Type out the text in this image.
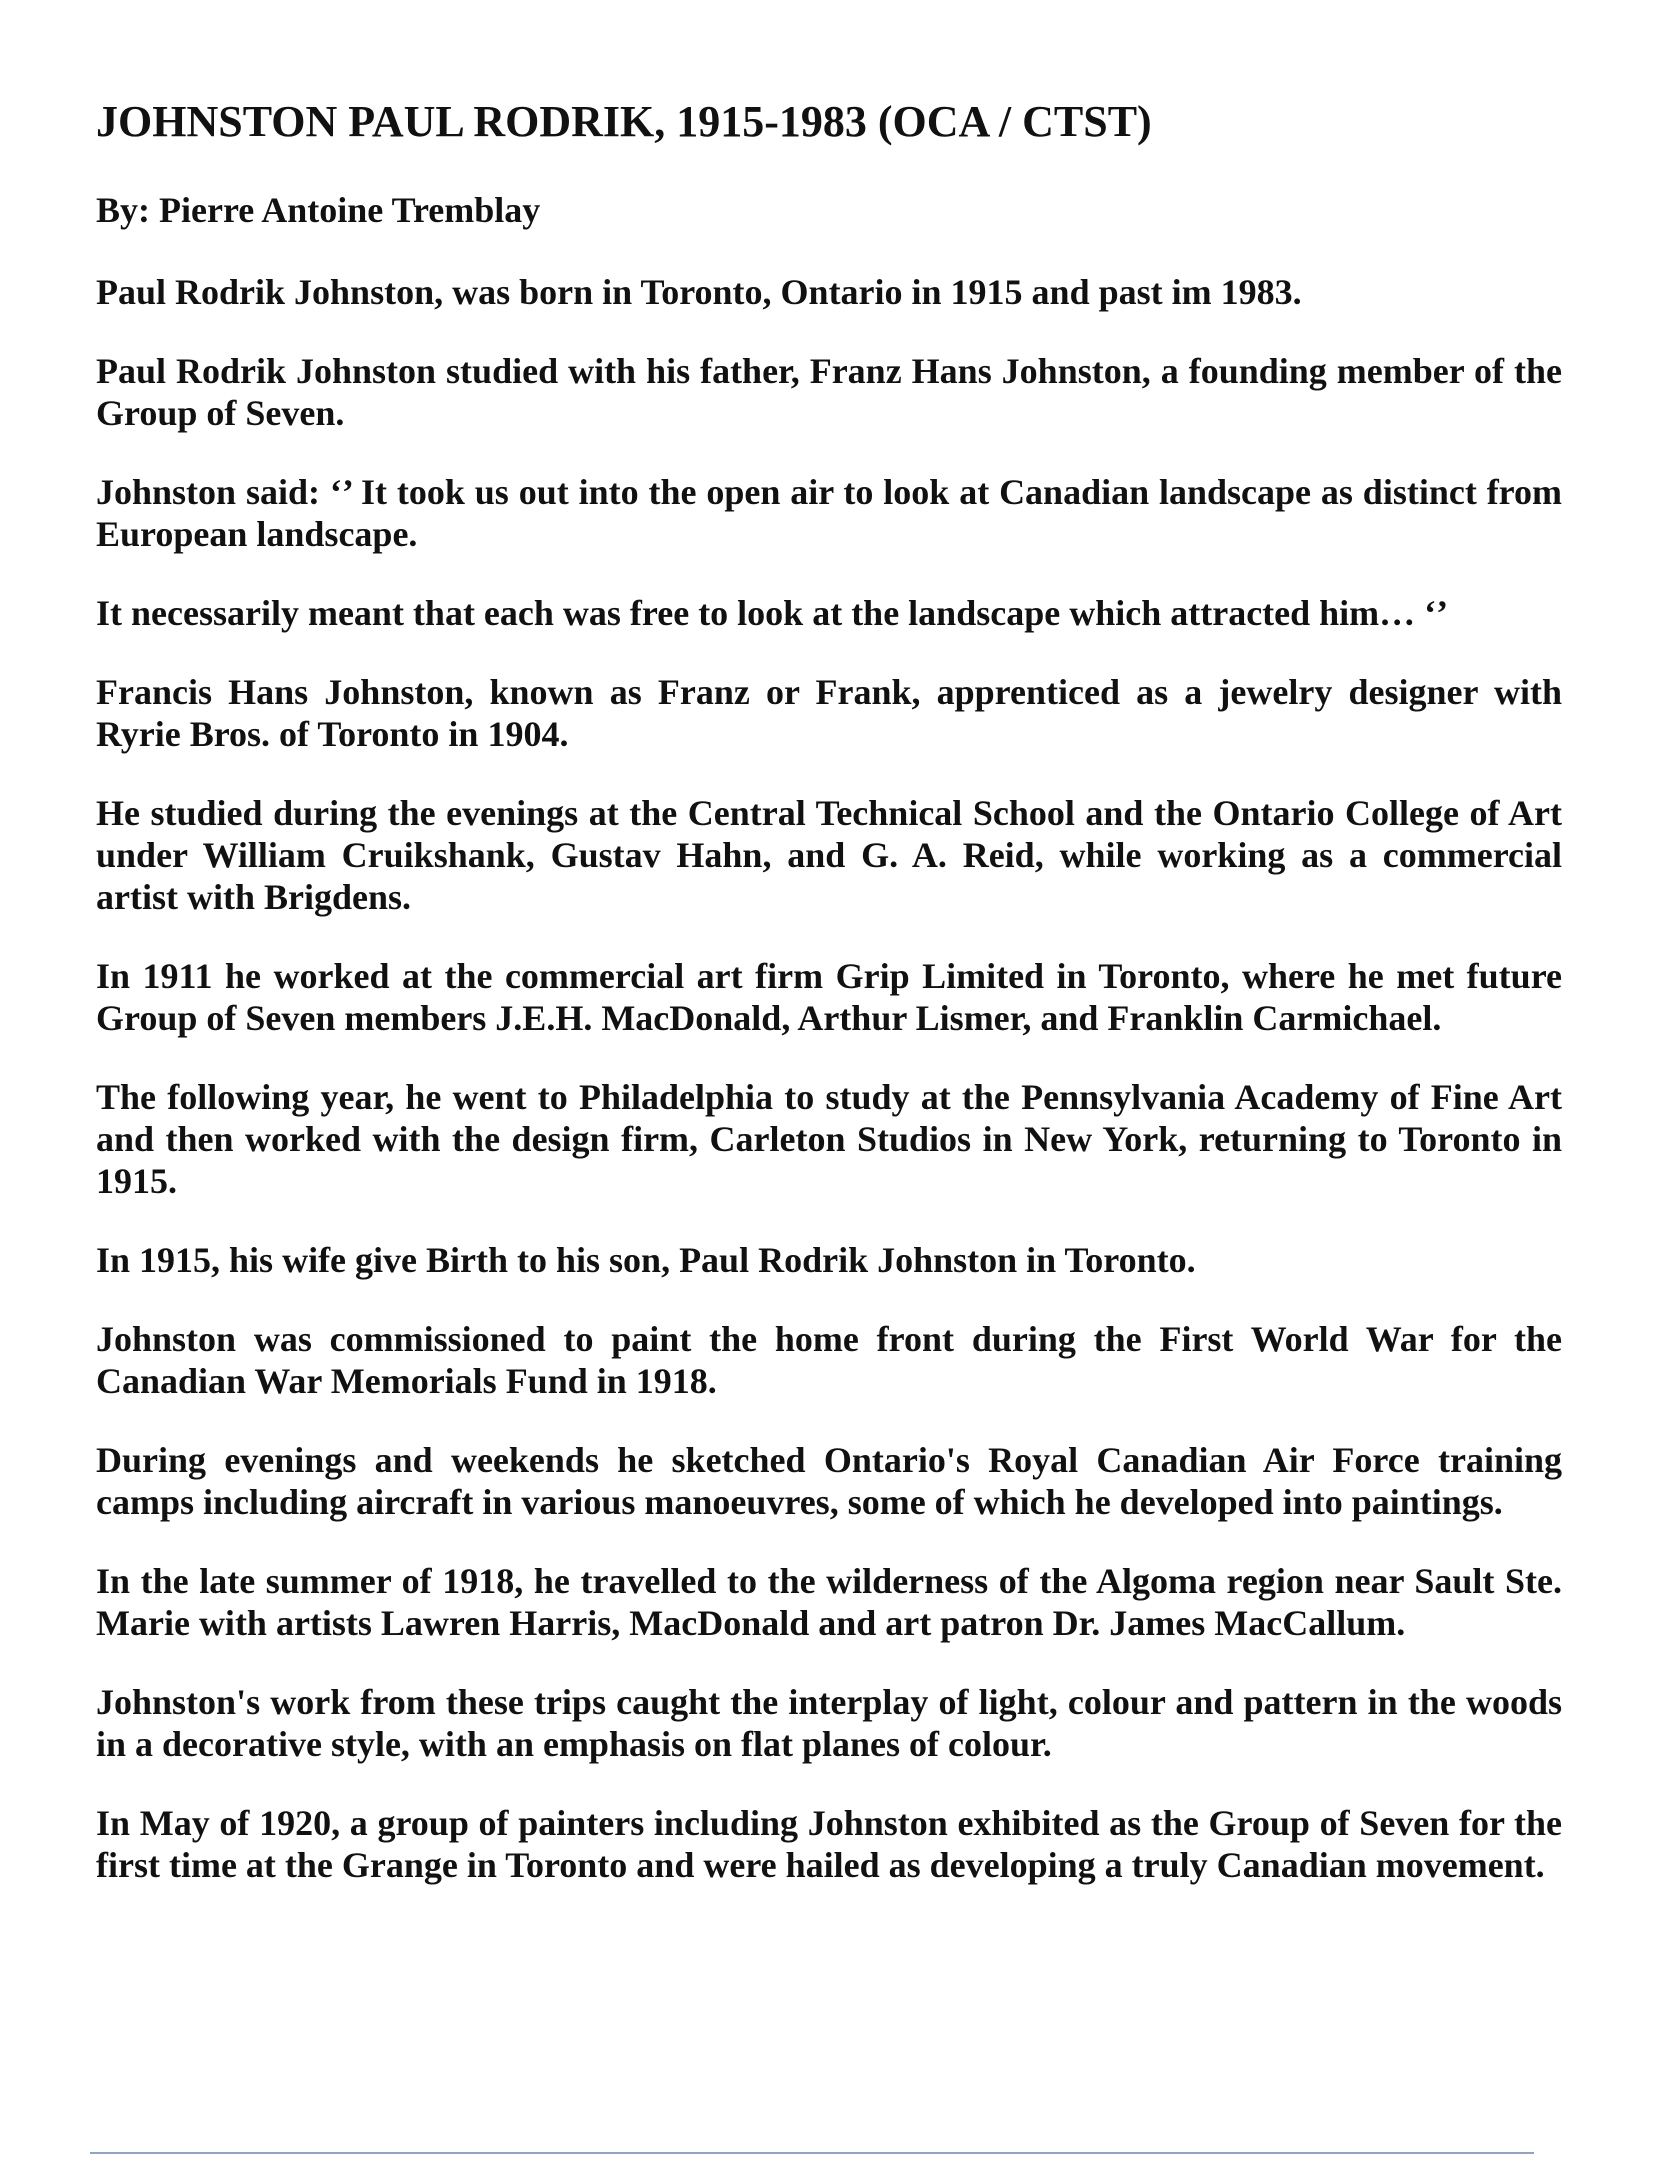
JOHNSTON PAUL RODRIK, 1915-1983 (OCA / CTST)

By: Pierre Antoine Tremblay

Paul Rodrik Johnston, was born in Toronto, Ontario in 1915 and past im 1983.

Paul Rodrik Johnston studied with his father, Franz Hans Johnston, a founding member of the Group of Seven.

Johnston said: ‘’ It took us out into the open air to look at Canadian landscape as distinct from European landscape.

It necessarily meant that each was free to look at the landscape which attracted him… ‘’

Francis Hans Johnston, known as Franz or Frank, apprenticed as a jewelry designer with Ryrie Bros. of Toronto in 1904.

He studied during the evenings at the Central Technical School and the Ontario College of Art under William Cruikshank, Gustav Hahn, and G. A. Reid, while working as a commercial artist with Brigdens.

In 1911 he worked at the commercial art firm Grip Limited in Toronto, where he met future Group of Seven members J.E.H. MacDonald, Arthur Lismer, and Franklin Carmichael.

The following year, he went to Philadelphia to study at the Pennsylvania Academy of Fine Art and then worked with the design firm, Carleton Studios in New York, returning to Toronto in 1915.

In 1915, his wife give Birth to his son, Paul Rodrik Johnston in Toronto.

Johnston was commissioned to paint the home front during the First World War for the Canadian War Memorials Fund in 1918.

During evenings and weekends he sketched Ontario's Royal Canadian Air Force training camps including aircraft in various manoeuvres, some of which he developed into paintings.

In the late summer of 1918, he travelled to the wilderness of the Algoma region near Sault Ste. Marie with artists Lawren Harris, MacDonald and art patron Dr. James MacCallum.

Johnston's work from these trips caught the interplay of light, colour and pattern in the woods in a decorative style, with an emphasis on flat planes of colour.

In May of 1920, a group of painters including Johnston exhibited as the Group of Seven for the first time at the Grange in Toronto and were hailed as developing a truly Canadian movement.
